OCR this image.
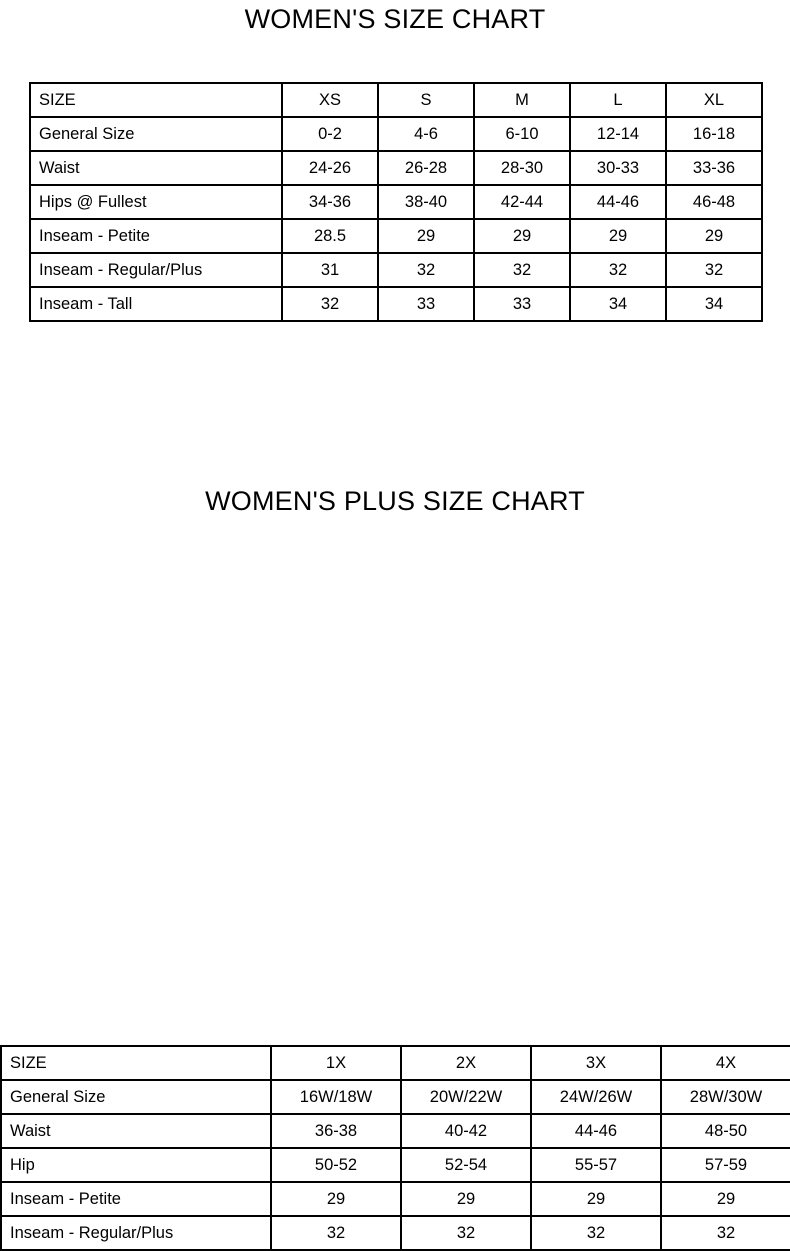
WOMEN'S SIZE CHART
SIZE	XS	S	M	L	XL
General Size	0-2	4-6	6-10	12-14	16-18
Waist	24-26	26-28	28-30	30-33	33-36
Hips @ Fullest	34-36	38-40	42-44	44-46	46-48
Inseam - Petite	28.5	29	29	29	29
Inseam - Regular/Plus	31	32	32	32	32
Inseam - Tall	32	33	33	34	34
WOMEN'S PLUS SIZE CHART
SIZE	1X	2X	3X	4X
General Size	16W/18W	20W/22W	24W/26W	28W/30W
Waist	36-38	40-42	44-46	48-50
Hip	50-52	52-54	55-57	57-59
Inseam - Petite	29	29	29	29
Inseam - Regular/Plus	32	32	32	32
